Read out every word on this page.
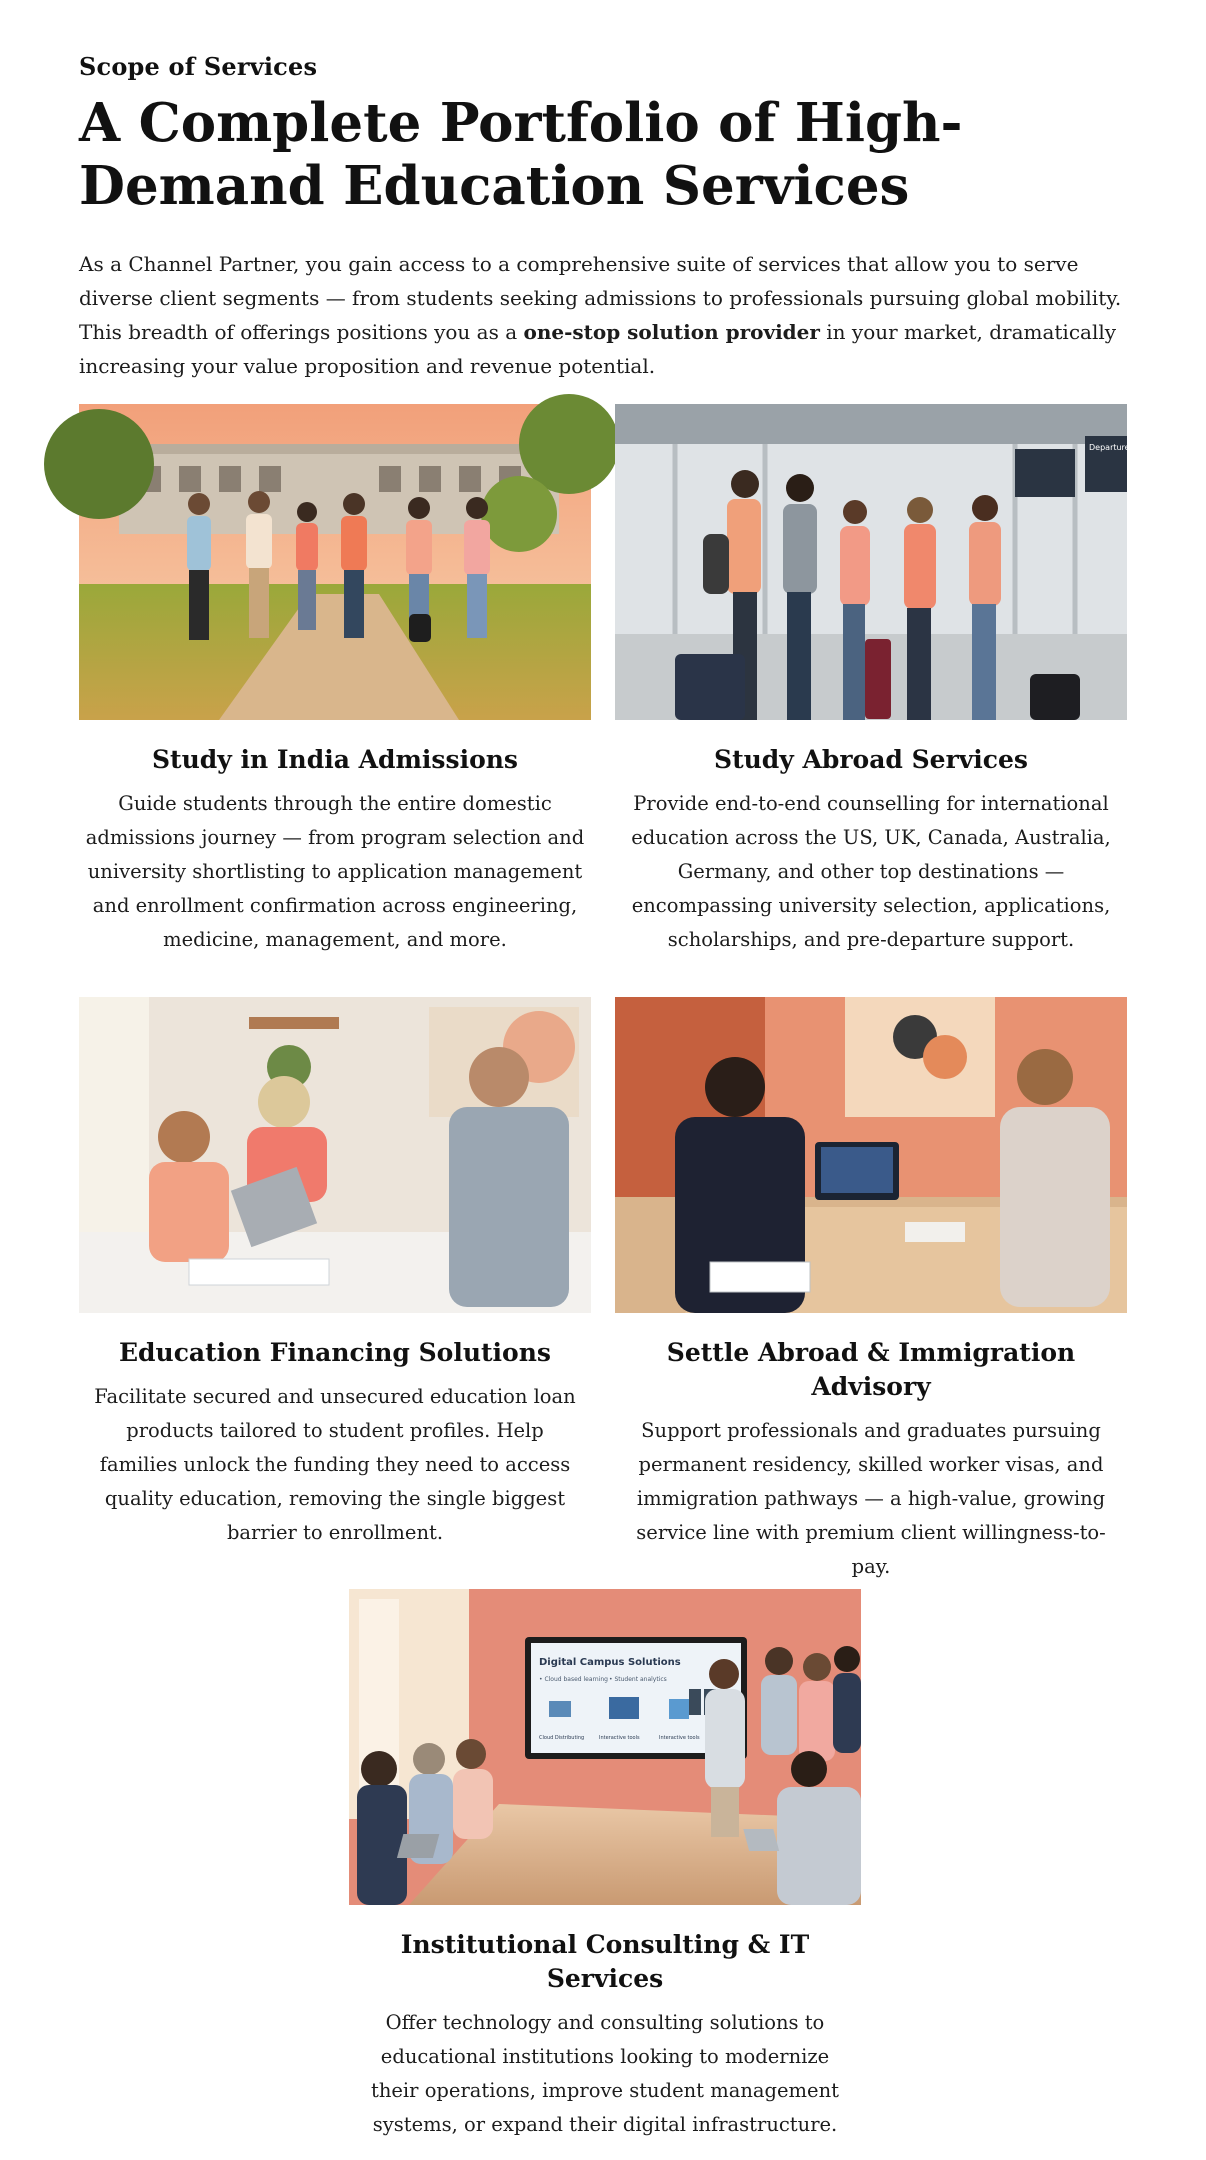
Scope of Services
A Complete Portfolio of High-Demand Education Services

As a Channel Partner, you gain access to a comprehensive suite of services that allow you to serve diverse client segments — from students seeking admissions to professionals pursuing global mobility. This breadth of offerings positions you as a one-stop solution provider in your market, dramatically increasing your value proposition and revenue potential.

Study in India Admissions
Guide students through the entire domestic admissions journey — from program selection and university shortlisting to application management and enrollment confirmation across engineering, medicine, management, and more.
Departures
Study Abroad Services
Provide end-to-end counselling for international education across the US, UK, Canada, Australia, Germany, and other top destinations — encompassing university selection, applications, scholarships, and pre-departure support.
Education Financing Solutions
Facilitate secured and unsecured education loan products tailored to student profiles. Help families unlock the funding they need to access quality education, removing the single biggest barrier to enrollment.
Settle Abroad & Immigration Advisory
Support professionals and graduates pursuing permanent residency, skilled worker visas, and immigration pathways — a high-value, growing service line with premium client willingness-to-pay.
Digital Campus Solutions
• Cloud based learning • Student analytics
Cloud Distributing	Interactive tools	Interactive tools
Institutional Consulting & IT Services
Offer technology and consulting solutions to educational institutions looking to modernize their operations, improve student management systems, or expand their digital infrastructure.
